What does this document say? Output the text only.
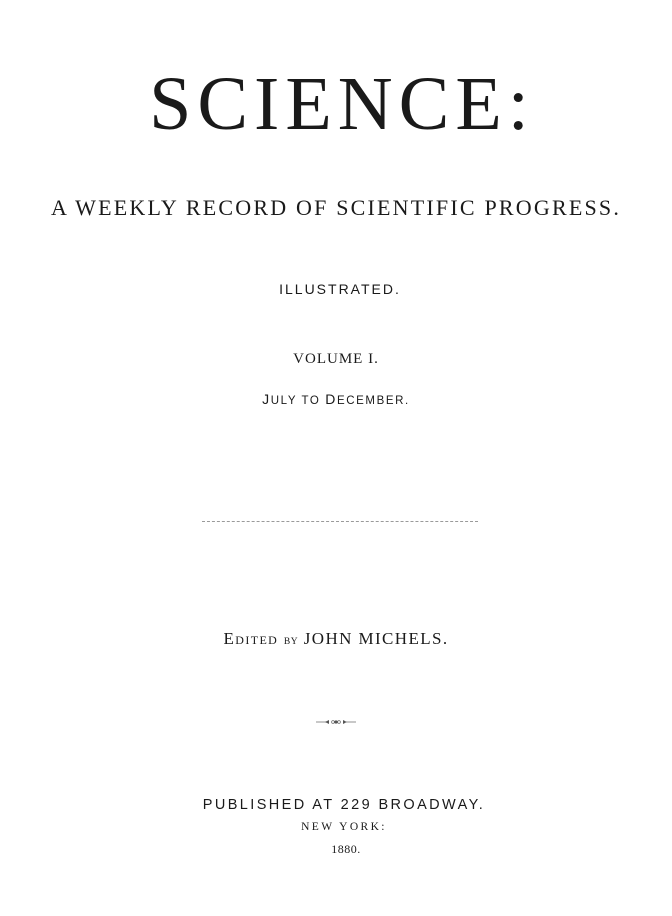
SCIENCE:
A WEEKLY RECORD OF SCIENTIFIC PROGRESS.
ILLUSTRATED.
VOLUME I.
JULY TO DECEMBER.
EDITED BY JOHN MICHELS.
PUBLISHED AT 229 BROADWAY.
NEW YORK:
1880.
